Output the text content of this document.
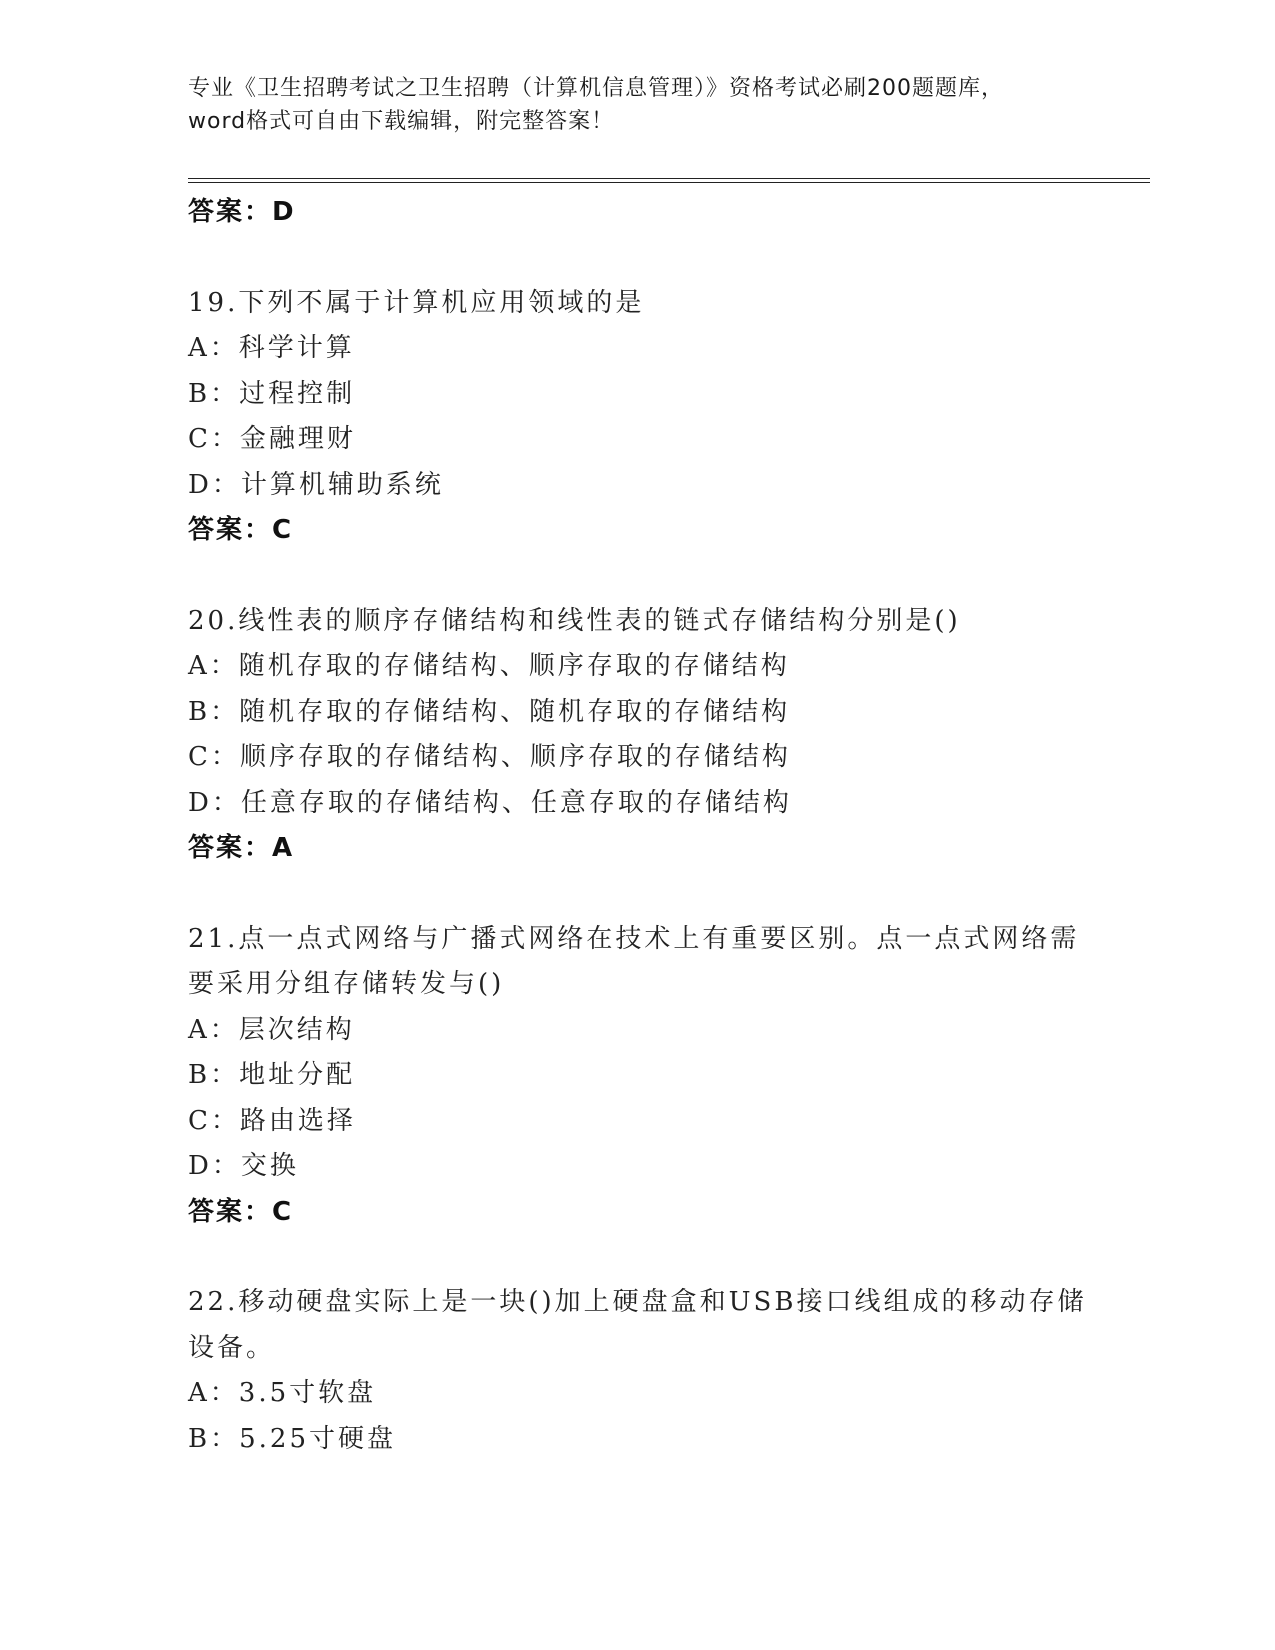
专业《卫生招聘考试之卫生招聘（计算机信息管理）》资格考试必刷200题题库，
word格式可自由下载编辑，附完整答案！
答案：D
19.下列不属于计算机应用领域的是
A：科学计算
B：过程控制
C：金融理财
D：计算机辅助系统
答案：C
20.线性表的顺序存储结构和线性表的链式存储结构分别是()
A：随机存取的存储结构、顺序存取的存储结构
B：随机存取的存储结构、随机存取的存储结构
C：顺序存取的存储结构、顺序存取的存储结构
D：任意存取的存储结构、任意存取的存储结构
答案：A
21.点一点式网络与广播式网络在技术上有重要区别。点一点式网络需
要采用分组存储转发与()
A：层次结构
B：地址分配
C：路由选择
D：交换
答案：C
22.移动硬盘实际上是一块()加上硬盘盒和USB接口线组成的移动存储
设备。
A：3.5寸软盘
B：5.25寸硬盘
